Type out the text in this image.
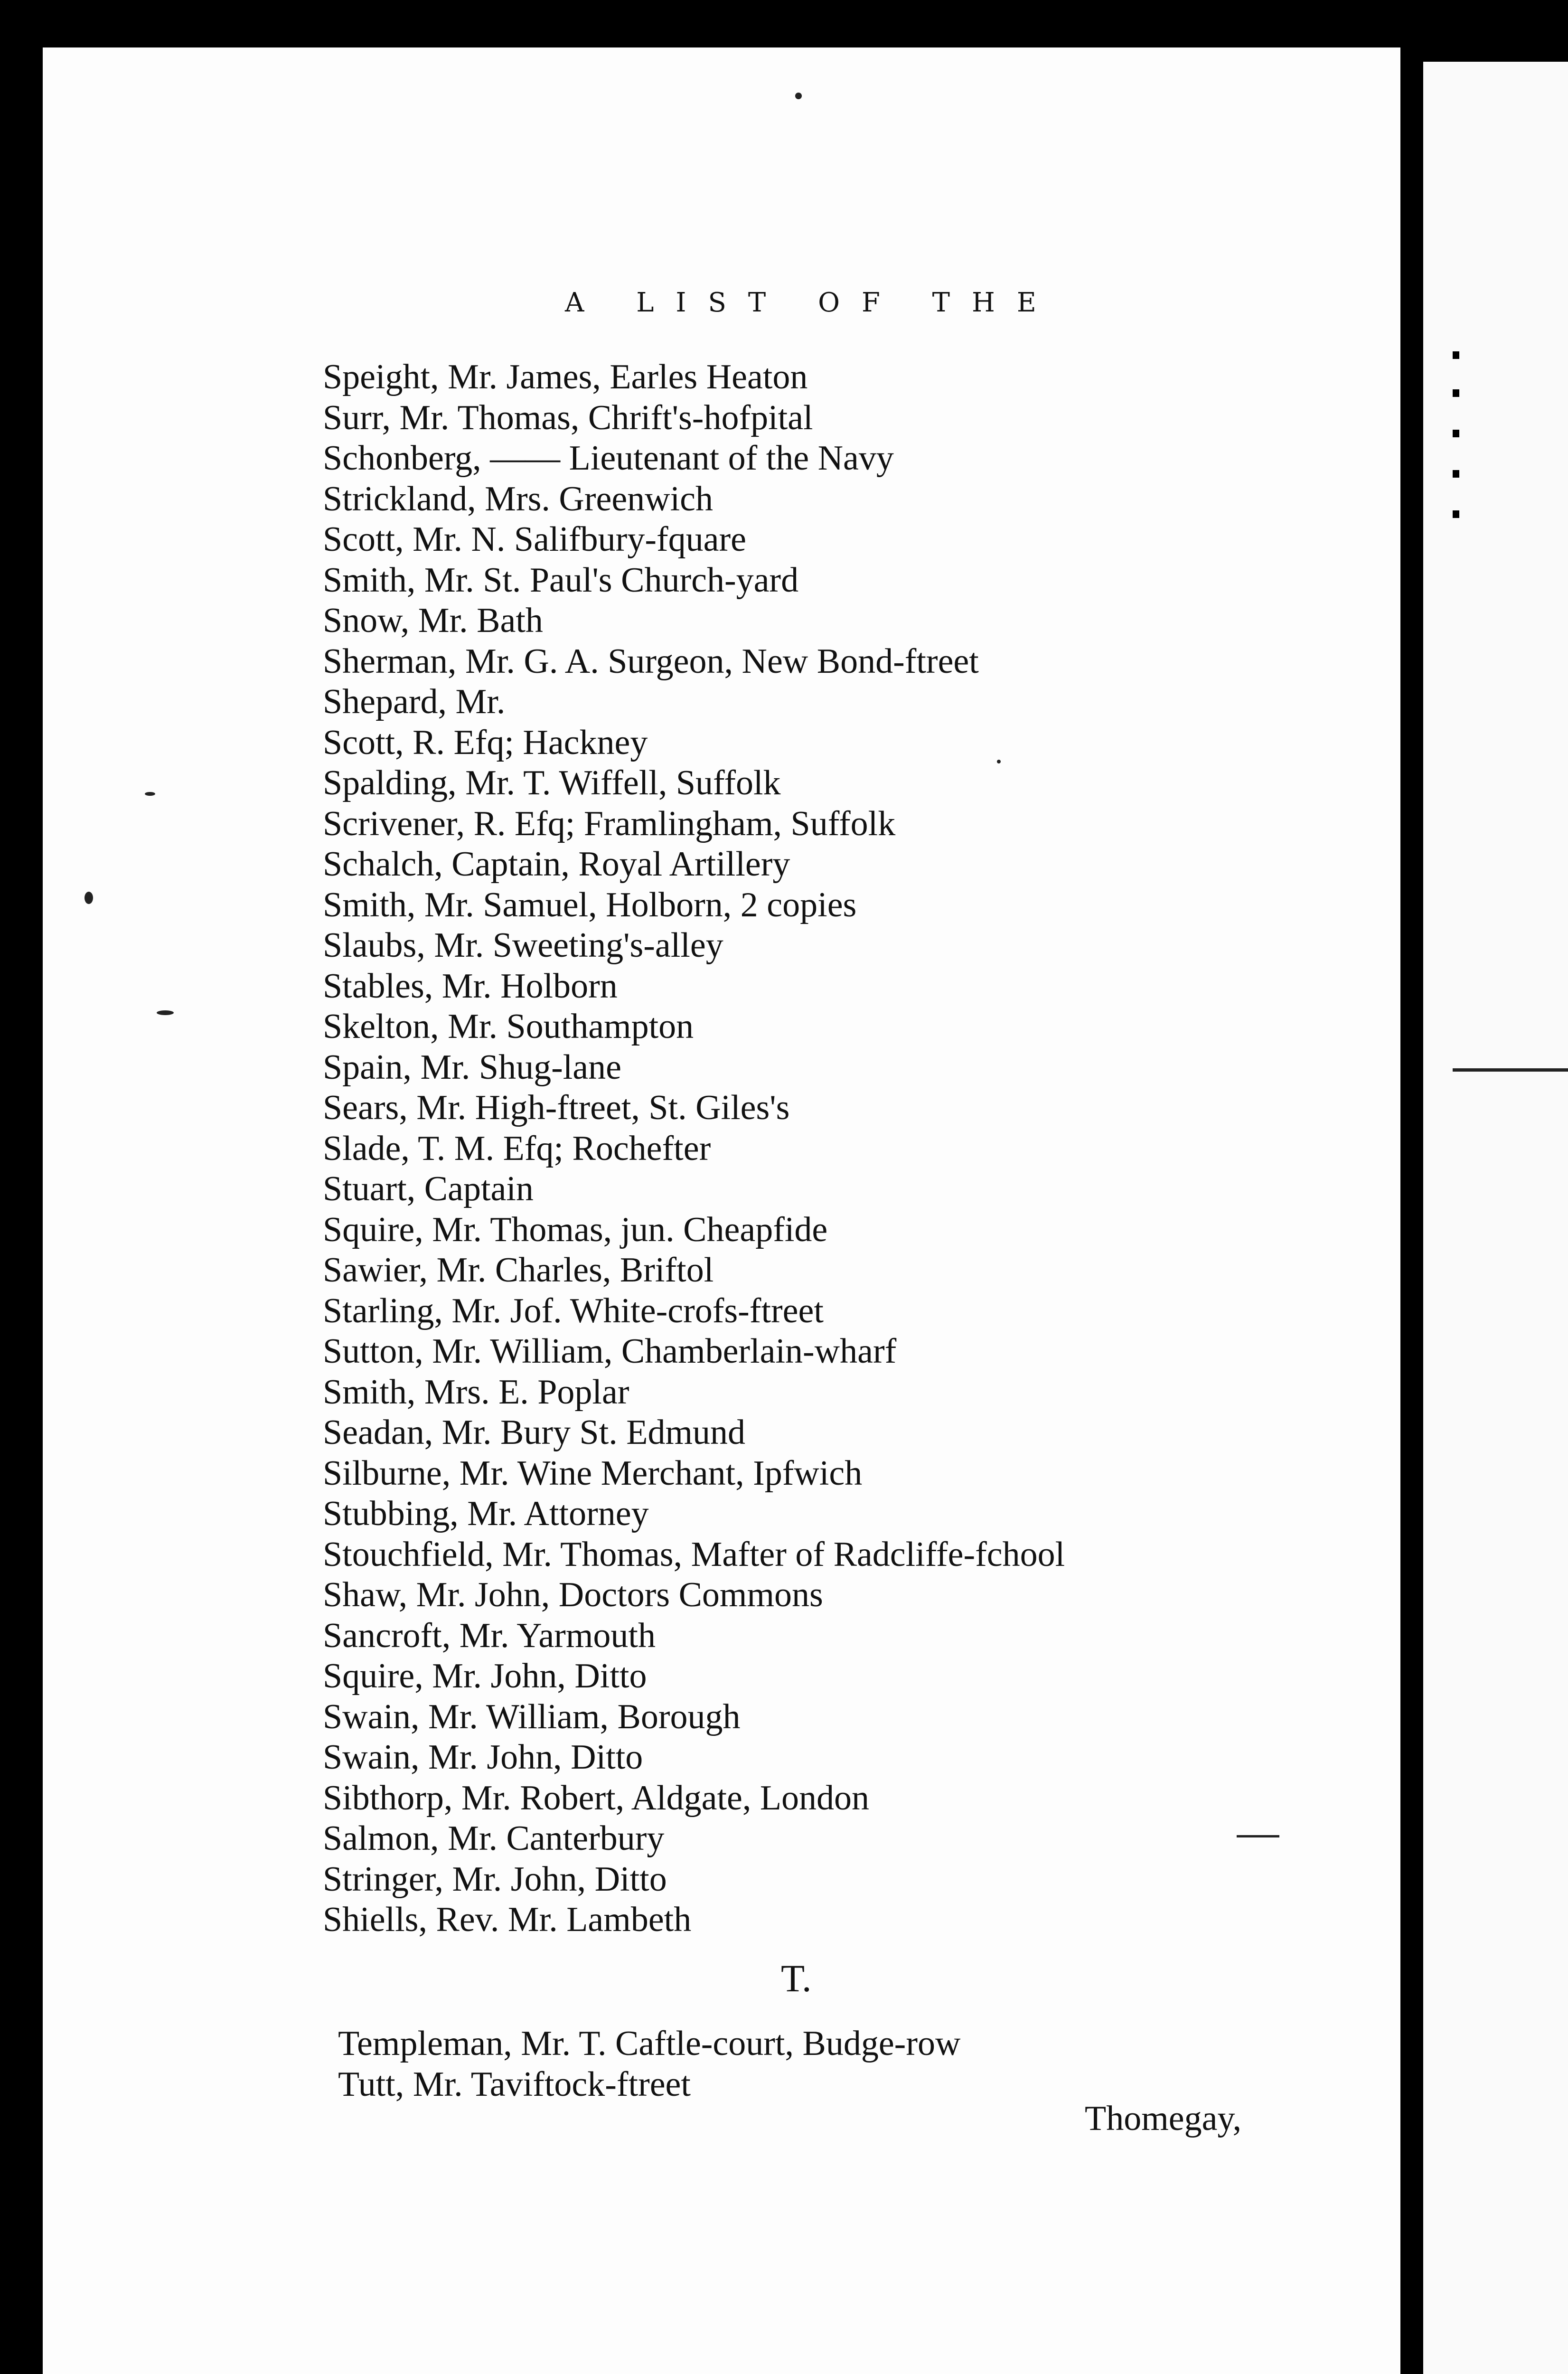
A LIST OF THE
Speight, Mr. James, Earles Heaton
Surr, Mr. Thomas, Chrift's-hofpital
Schonberg, —— Lieutenant of the Navy
Strickland, Mrs. Greenwich
Scott, Mr. N. Salifbury-fquare
Smith, Mr. St. Paul's Church-yard
Snow, Mr. Bath
Sherman, Mr. G. A. Surgeon, New Bond-ftreet
Shepard, Mr.
Scott, R. Efq; Hackney
Spalding, Mr. T. Wiffell, Suffolk
Scrivener, R. Efq; Framlingham, Suffolk
Schalch, Captain, Royal Artillery
Smith, Mr. Samuel, Holborn, 2 copies
Slaubs, Mr. Sweeting's-alley
Stables, Mr. Holborn
Skelton, Mr. Southampton
Spain, Mr. Shug-lane
Sears, Mr. High-ftreet, St. Giles's
Slade, T. M. Efq; Rochefter
Stuart, Captain
Squire, Mr. Thomas, jun. Cheapfide
Sawier, Mr. Charles, Briftol
Starling, Mr. Jof. White-crofs-ftreet
Sutton, Mr. William, Chamberlain-wharf
Smith, Mrs. E. Poplar
Seadan, Mr. Bury St. Edmund
Silburne, Mr. Wine Merchant, Ipfwich
Stubbing, Mr. Attorney
Stouchfield, Mr. Thomas, Mafter of Radcliffe-fchool
Shaw, Mr. John, Doctors Commons
Sancroft, Mr. Yarmouth
Squire, Mr. John, Ditto
Swain, Mr. William, Borough
Swain, Mr. John, Ditto
Sibthorp, Mr. Robert, Aldgate, London
Salmon, Mr. Canterbury
Stringer, Mr. John, Ditto
Shiells, Rev. Mr. Lambeth
T.
Templeman, Mr. T. Caftle-court, Budge-row
Tutt, Mr. Taviftock-ftreet
Thomegay,
